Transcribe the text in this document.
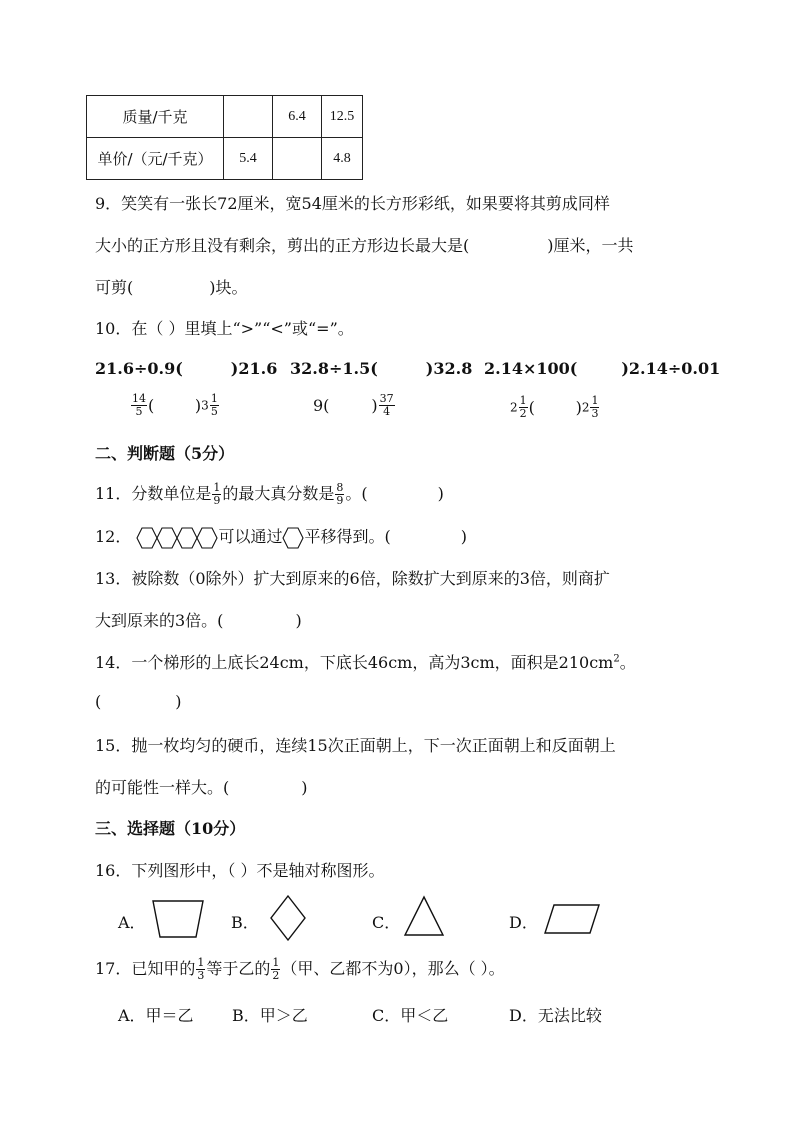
质量/千克		6.4	12.5
单价/（元/千克）	5.4		4.8
9．笑笑有一张长72厘米，宽54厘米的长方形彩纸，如果要将其剪成同样
大小的正方形且没有剩余，剪出的正方形边长最大是(	)厘米，一共
可剪(	)块。
10．在（ ）里填上“>”“<”或“=”。
21.6÷0.9(	)21.6 32.8÷1.5(	)32.8 2.14×100(	)2.14÷0.01
$\frac{14}{5}$ (        )$3 \frac{1}{5}$	9(	) $\frac{37}{4}$	$2 \frac{1}{2}$ (        )$2 \frac{1}{3}$
二、判断题（5分）
11．分数单位是 $\frac{1}{9}$ 的最大真分数是 $\frac{8}{9}$ 。(	)
12．	可以通过 平移得到。(	)
13．被除数（0除外）扩大到原来的6倍，除数扩大到原来的3倍，则商扩
大到原来的3倍。(	)
14．一个梯形的上底长24cm，下底长46cm，高为3cm，面积是$210cm^2$。
(	)
15．抛一枚均匀的硬币，连续15次正面朝上，下一次正面朝上和反面朝上
的可能性一样大。(	)
三、选择题（10分）
16．下列图形中，（ ）不是轴对称图形。
A．	B．	C．	D．
17．已知甲的 $\frac{1}{3}$ 等于乙的 $\frac{1}{2}$ （甲、乙都不为0），那么（ ）。
A．甲＝乙 B．甲＞乙	C．甲＜乙	D．无法比较
